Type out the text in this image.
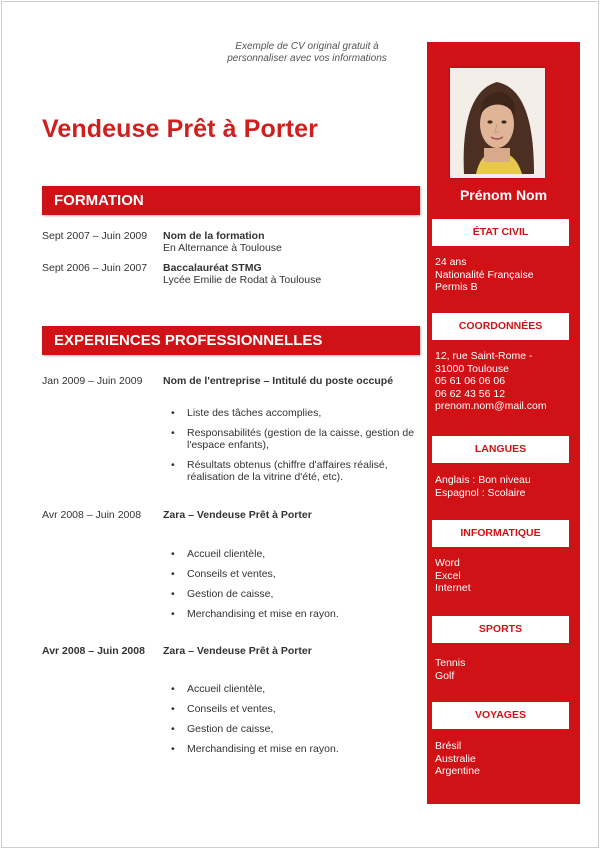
Exemple de CV original gratuit à personnaliser avec vos informations
Vendeuse Prêt à Porter
FORMATION
Sept 2007 – Juin 2009	Nom de la formation
En Alternance à Toulouse
Sept 2006 – Juin 2007	Baccalauréat STMG
Lycée Emilie de Rodat à Toulouse
EXPERIENCES PROFESSIONNELLES
Jan 2009 – Juin 2009	Nom de l'entreprise – Intitulé du poste occupé
• Liste des tâches accomplies,
• Responsabilités (gestion de la caisse, gestion de l'espace enfants),
• Résultats obtenus (chiffre d'affaires réalisé, réalisation de la vitrine d'été, etc).
Avr 2008 – Juin 2008	Zara – Vendeuse Prêt à Porter
• Accueil clientèle,
• Conseils et ventes,
• Gestion de caisse,
• Merchandising et mise en rayon.
Avr 2008 – Juin 2008	Zara – Vendeuse Prêt à Porter
• Accueil clientèle,
• Conseils et ventes,
• Gestion de caisse,
• Merchandising et mise en rayon.
Prénom Nom
ÉTAT CIVIL
24 ans
Nationalité Française
Permis B
COORDONNÉES
12, rue Saint-Rome -
31000 Toulouse
05 61 06 06 06
06 62 43 56 12
prenom.nom@mail.com
LANGUES
Anglais : Bon niveau
Espagnol : Scolaire
INFORMATIQUE
Word
Excel
Internet
SPORTS
Tennis
Golf
VOYAGES
Brésil
Australie
Argentine
